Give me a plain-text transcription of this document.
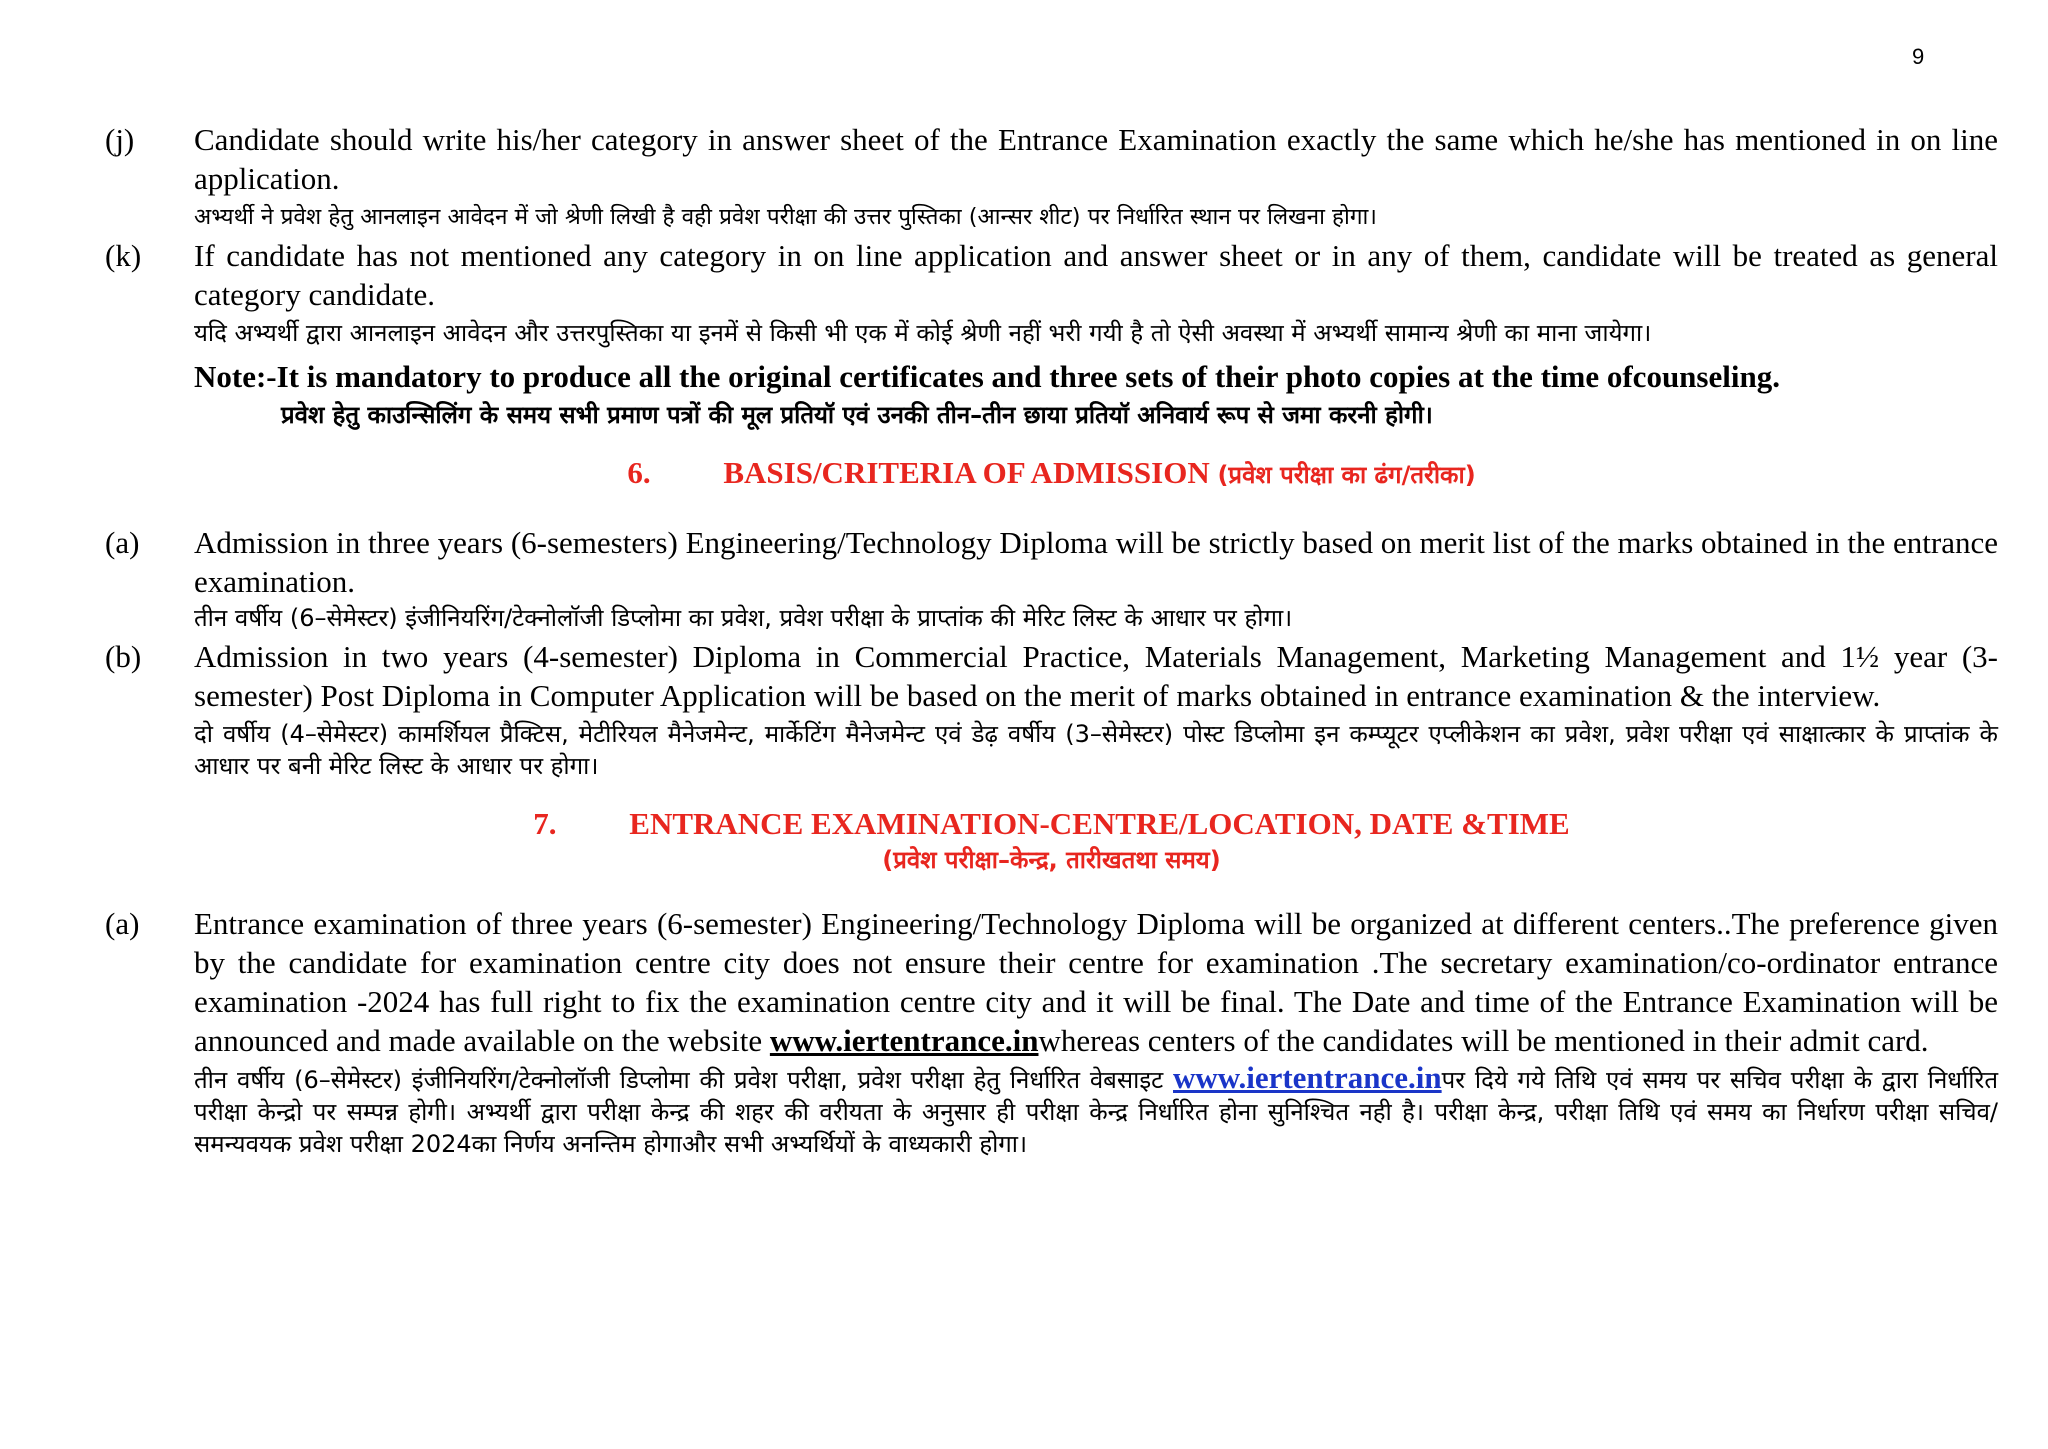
9
(j)	Candidate should write his/her category in answer sheet of the Entrance Examination exactly the same which he/she has mentioned in on line application.
अभ्यर्थी ने प्रवेश हेतु आनलाइन आवेदन में जो श्रेणी लिखी है वही प्रवेश परीक्षा की उत्तर पुस्तिका (आन्सर शीट) पर निर्धारित स्थान पर लिखना होगा।
(k)	If candidate has not mentioned any category in on line application and answer sheet or in any of them, candidate will be treated as general category candidate.
यदि अभ्यर्थी द्वारा आनलाइन आवेदन और उत्तरपुस्तिका या इनमें से किसी भी एक में कोई श्रेणी नहीं भरी गयी है तो ऐसी अवस्था में अभ्यर्थी सामान्य श्रेणी का माना जायेगा।
Note:-It is mandatory to produce all the original certificates and three sets of their photo copies at the time ofcounseling.
प्रवेश हेतु काउन्सिलिंग के समय सभी प्रमाण पत्रों की मूल प्रतियॉ एवं उनकी तीन–तीन छाया प्रतियॉ अनिवार्य रूप से जमा करनी होगी।
6. BASIS/CRITERIA OF ADMISSION (प्रवेश परीक्षा का ढंग/तरीका)
(a)	Admission in three years (6-semesters) Engineering/Technology Diploma will be strictly based on merit list of the marks obtained in the entrance examination.
तीन वर्षीय (6–सेमेस्टर) इंजीनियरिंग/टेक्नोलॉजी डिप्लोमा का प्रवेश, प्रवेश परीक्षा के प्राप्तांक की मेरिट लिस्ट के आधार पर होगा।
(b)	Admission in two years (4-semester) Diploma in Commercial Practice, Materials Management, Marketing Management and 1½ year (3-semester) Post Diploma in Computer Application will be based on the merit of marks obtained in entrance examination & the interview.
दो वर्षीय (4–सेमेस्टर) कामर्शियल प्रैक्टिस, मेटीरियल मैनेजमेन्ट, मार्केटिंग मैनेजमेन्ट एवं डेढ़ वर्षीय (3–सेमेस्टर) पोस्ट डिप्लोमा इन कम्प्यूटर एप्लीकेशन का प्रवेश, प्रवेश परीक्षा एवं साक्षात्कार के प्राप्तांक के आधार पर बनी मेरिट लिस्ट के आधार पर होगा।
7. ENTRANCE EXAMINATION-CENTRE/LOCATION, DATE &TIME
(प्रवेश परीक्षा–केन्द्र, तारीखतथा समय)
(a)	Entrance examination of three years (6-semester) Engineering/Technology Diploma will be organized at different centers..The preference given by the candidate for examination centre city does not ensure their centre for examination .The secretary examination/co-ordinator entrance examination -2024 has full right to fix the examination centre city and it will be final. The Date and time of the Entrance Examination will be announced and made available on the website www.iertentrance.inwhereas centers of the candidates will be mentioned in their admit card.
तीन वर्षीय (6–सेमेस्टर) इंजीनियरिंग/टेक्नोलॉजी डिप्लोमा की प्रवेश परीक्षा, प्रवेश परीक्षा हेतु निर्धारित वेबसाइट www.iertentrance.inपर दिये गये तिथि एवं समय पर सचिव परीक्षा के द्वारा निर्धारित परीक्षा केन्द्रो पर सम्पन्न होगी। अभ्यर्थी द्वारा परीक्षा केन्द्र की शहर की वरीयता के अनुसार ही परीक्षा केन्द्र निर्धारित होना सुनिश्चित नही है। परीक्षा केन्द्र, परीक्षा तिथि एवं समय का निर्धारण परीक्षा सचिव/समन्यवयक प्रवेश परीक्षा 2024का निर्णय अनन्तिम होगाऔर सभी अभ्यर्थियों के वाध्यकारी होगा।
